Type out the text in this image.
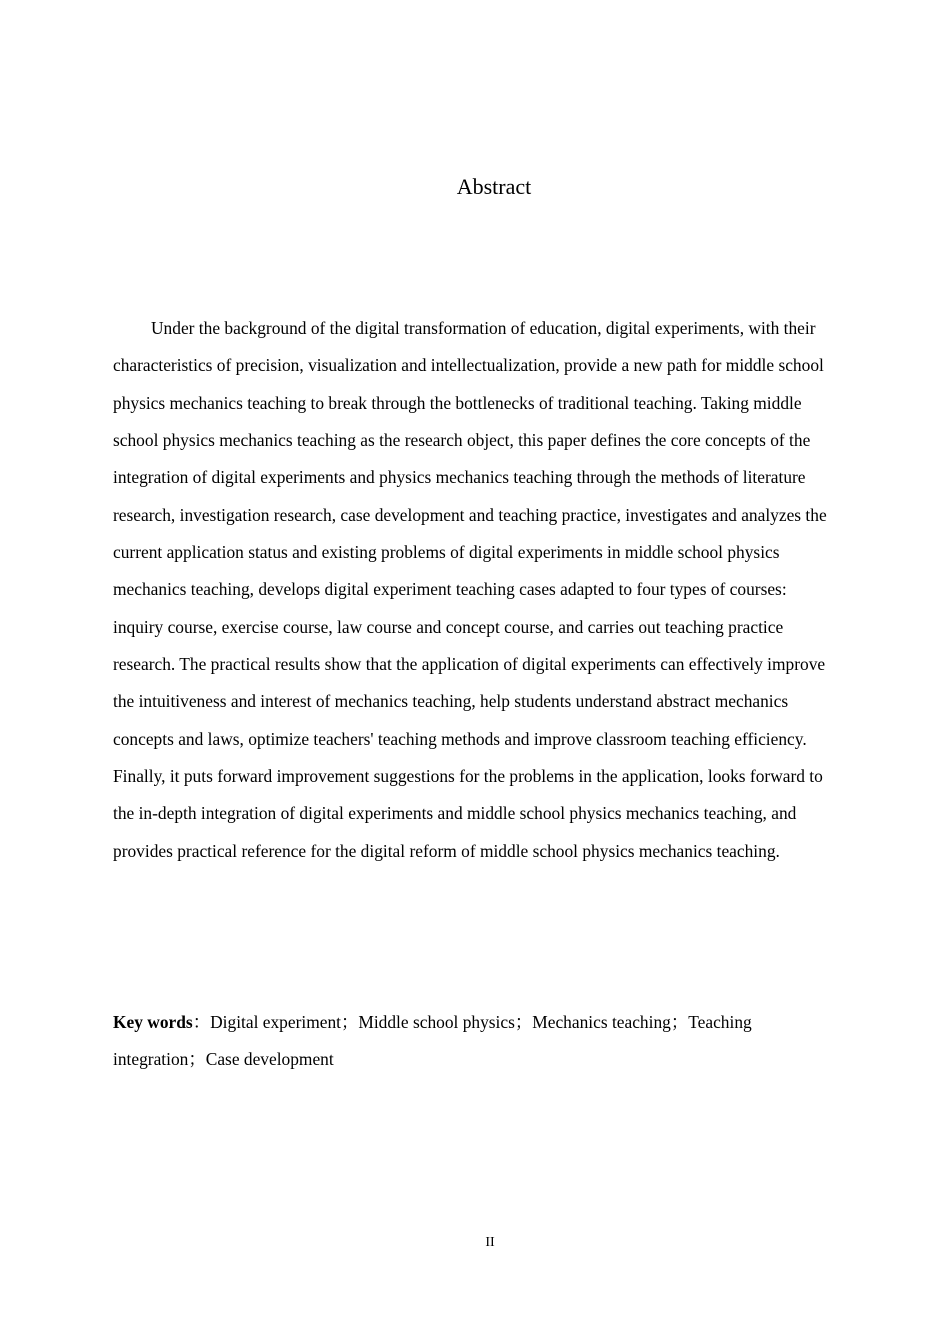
Abstract

Under the background of the digital transformation of education, digital experiments, with their characteristics of precision, visualization and intellectualization, provide a new path for middle school physics mechanics teaching to break through the bottlenecks of traditional teaching. Taking middle school physics mechanics teaching as the research object, this paper defines the core concepts of the integration of digital experiments and physics mechanics teaching through the methods of literature research, investigation research, case development and teaching practice, investigates and analyzes the current application status and existing problems of digital experiments in middle school physics mechanics teaching, develops digital experiment teaching cases adapted to four types of courses: inquiry course, exercise course, law course and concept course, and carries out teaching practice research. The practical results show that the application of digital experiments can effectively improve the intuitiveness and interest of mechanics teaching, help students understand abstract mechanics concepts and laws, optimize teachers' teaching methods and improve classroom teaching efficiency. Finally, it puts forward improvement suggestions for the problems in the application, looks forward to the in-depth integration of digital experiments and middle school physics mechanics teaching, and provides practical reference for the digital reform of middle school physics mechanics teaching.

Key words：Digital experiment；Middle school physics；Mechanics teaching；Teaching integration；Case development

II
